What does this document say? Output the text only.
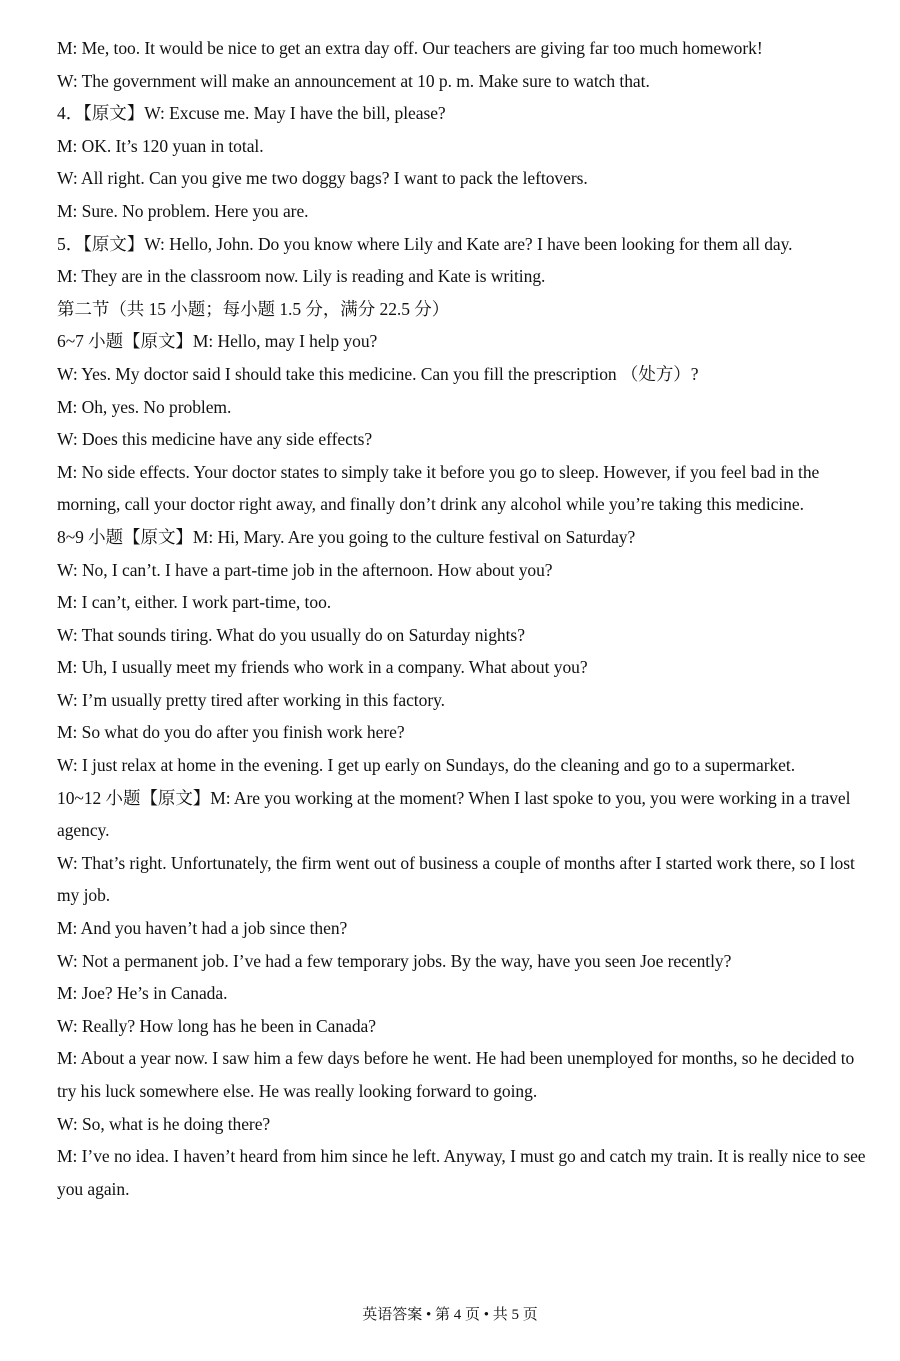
M: Me, too. It would be nice to get an extra day off. Our teachers are giving far too much homework!
W: The government will make an announcement at 10 p. m. Make sure to watch that.
4．【原文】W: Excuse me. May I have the bill, please?
M: OK. It’s 120 yuan in total.
W: All right. Can you give me two doggy bags? I want to pack the leftovers.
M: Sure. No problem. Here you are.
5．【原文】W: Hello, John. Do you know where Lily and Kate are? I have been looking for them all day.
M: They are in the classroom now. Lily is reading and Kate is writing.
第二节（共 15 小题；每小题 1.5 分，满分 22.5 分）
6~7 小题【原文】M: Hello, may I help you?
W: Yes. My doctor said I should take this medicine. Can you fill the prescription （处方）?
M: Oh, yes. No problem.
W: Does this medicine have any side effects?
M: No side effects. Your doctor states to simply take it before you go to sleep. However, if you feel bad in the morning, call your doctor right away, and finally don’t drink any alcohol while you’re taking this medicine.
8~9 小题【原文】M: Hi, Mary. Are you going to the culture festival on Saturday?
W: No, I can’t. I have a part-time job in the afternoon. How about you?
M: I can’t, either. I work part-time, too.
W: That sounds tiring. What do you usually do on Saturday nights?
M: Uh, I usually meet my friends who work in a company. What about you?
W: I’m usually pretty tired after working in this factory.
M: So what do you do after you finish work here?
W: I just relax at home in the evening. I get up early on Sundays, do the cleaning and go to a supermarket.
10~12 小题【原文】M: Are you working at the moment? When I last spoke to you, you were working in a travel agency.
W: That’s right. Unfortunately, the firm went out of business a couple of months after I started work there, so I lost my job.
M: And you haven’t had a job since then?
W: Not a permanent job. I’ve had a few temporary jobs. By the way, have you seen Joe recently?
M: Joe? He’s in Canada.
W: Really? How long has he been in Canada?
M: About a year now. I saw him a few days before he went. He had been unemployed for months, so he decided to try his luck somewhere else. He was really looking forward to going.
W: So, what is he doing there?
M: I’ve no idea. I haven’t heard from him since he left. Anyway, I must go and catch my train. It is really nice to see you again.
英语答案 • 第 4 页 • 共 5 页
